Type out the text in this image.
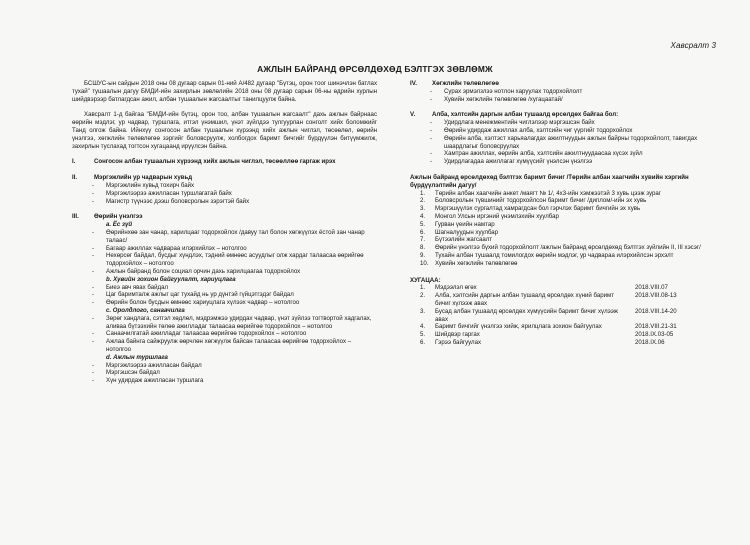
Хавсралт 3
АЖЛЫН БАЙРАНД ӨРСӨЛДӨХӨД БЭЛТГЭХ ЗӨВЛӨМЖ

БСШУС-ын сайдын 2018 оны 08 дугаар сарын 01-ний А/482 дугаар "Бүтэц, орон тоог шинэчлэн батлах тухай" тушаалын дагуу БМДИ-ийн захирлын зөвлөлийн 2018 оны 08 дугаар сарын 06-ны өдрийн хурлын шийдвэрээр батлагдсан ажил, албан тушаалын жагсаалтыг танилцуулж байна.

Хавсралт 1-д байгаа "БМДИ-ийн бүтэц, орон тоо, албан тушаалын жагсаалт" дахь ажлын байрнаас өөрийн мэдлэг, ур чадвар, туршлага, итгэл үнэмшил, үнэт зүйлдээ тулгуурлан сонголт хийх боломжийг Танд олгож байна. Ийнхүү сонгосон албан тушаалын хүрээнд хийх ажлын чиглэл, төсөөлөл, өөрийн үнэлгээ, хөгжлийн төлөвлөгөө зэргийг боловсруулж, холбогдох баримт бичгийг бүрдүүлэн битүүмжилж, захирлын туслахад тогтсон хугацаанд ирүүлсэн байна.

I.	Сонгосон албан тушаалын хүрээнд хийх ажлын чиглэл, төсөөллөө гаргаж ирэх
II.	Мэргэжлийн ур чадварын хувьд
- Мэргэжлийн хувьд тохирч байх
- Мэргэжлээрээ ажилласан туршлагатай байх
- Магистр түүнээс дээш боловсролын зэрэгтэй байх
III.	Өөрийн үнэлгээ
a. Ёс зүй
- Өөрийнхөө зан чанар, харилцааг тодорхойлох /давуу тал болон хөгжүүлэх ёстой зан чанар талаас/
- Багаар ажиллах чадвараа илэрхийлэх – нотолгоо
- Нехөрсөг байдал, бусдыг хүндлэх, тэдний өмнөөс асуудлыг олж хардаг талаасаа өөрийгөө тодорхойлох – нотолгоо
- Ажлын байранд болон социал орчин дахь харилцаагаа тодорхойлох
b. Хувийн зохион байгуулалт, хариуцлага
- Биеэ авч явах байдал
- Цаг баримталж ажлыг цаг тухайд нь ур дүнтэй гүйцэтгэдэг байдал
- Өөрийн болон бусдын өмнөөс хариуцлага хүлээх чадвар – нотолгоо
c. Оролдлого, санаачилга
- Зөрөг хандлага, сэтгэл хөдлөл, мэдрэмжээ удирдах чадвар, үнэт зүйлээ тогтвортой хадгалах, аливаа бүтээхийн төлөө ажилладаг талаасаа өөрийгөө тодорхойлох – нотолгоо
- Санаачилгатай ажилладаг талаасаа өөрийгөө тодорхойлох – нотолгоо
- Ажлаа байнга сайжруулж өөрчлөн хөгжүүлж байсан талаасаа өөрийгөө тодорхойлох – нотолгоо
d. Ажлын туршлага
- Мэргэжлээрээ ажилласан байдал
- Мэргэшсэн байдал
- Хүн удирдаж ажилласан туршлага
IV.	Хөгжлийн төлөвлөгөө
- Сурах эрмэлзлээ нотлон харуулах тодорхойлолт
- Хувийн хөгжлийн төлөвлөгөө /хугацаатай/
V.	Алба, хэлтсийн даргын албан тушаалд өрсөлдөх байгаа бол:
- Удирдлага менежментийн чиглэлээр мэргэшсэн байх
- Өөрийн удирдаж ажиллах алба, хэлтсийн чиг үүргийг тодорхойлох
- Өөрийн алба, хэлтэст харьяалагдах ажилтнуудын ажлын байрны тодорхойлолт, тавигдах шаардлагыг боловсруулах
- Хамтран ажиллах, өөрийн алба, хэлтсийн ажилтнуудаасаа хүсэх зүйл
- Удирдлагадаа ажиллагаг хүмүүсийг үнэлсэн үнэлгээ
Ажлын байранд өрсөлдөхөд бэлтгэх баримт бичиг /Төрийн албан хаагчийн хувийн хэргийн бүрдүүлэлтийн дагуу/
1.	Төрийн албан хаагчийн анкет /маягт № 1/, 4х3-ийн хэмжээтэй 3 хувь цээж зураг
2.	Боловсролын түвшинийг тодорхойлсон баримт бичиг /диплом/-ийн эх хувь
3.	Мэргэшүүлэх сургалтад хамрагдсан бол гэрчлэх баримт бичгийн эх хувь
4.	Монгол Улсын иргэний үнэмлэхийн хуулбар
5.	Гурван үеийн намтар
6.	Шагналуудын хуулбар
7.	Бүтээлийн жагсаалт
8.	Өөрийн үнэлгээ бүхий тодорхойлолт /ажлын байранд өрсөлдөхөд бэлтгэх зүйлийн II, III хэсэг/
9.	Тухайн албан тушаалд томилогдох өөрийн мэдлэг, ур чадвараа илэрхийлсэн эрхэлт
10.	Хувийн хөгжлийн төлөвлөгөө
ХУГАЦАА:
1.	Мэдээлэл өгөх	2018.VIII.07
2.	Алба, хэлтсийн даргын албан тушаалд өрсөлдөх хүний баримт бичиг хүлээж авах	2018.VIII.08-13
3.	Бусад албан тушаалд өрсөлдөх хүмүүсийн баримт бичиг хүлээж авах	2018.VIII.14-20
4.	Баримт бичгийг үнэлгээ хийж, ярилцлага зохион байгуулах	2018.VIII.21-31
5.	Шийдвэр гаргах	2018.IX.03-05
6.	Гэрээ байгуулах	2018.IX.06
